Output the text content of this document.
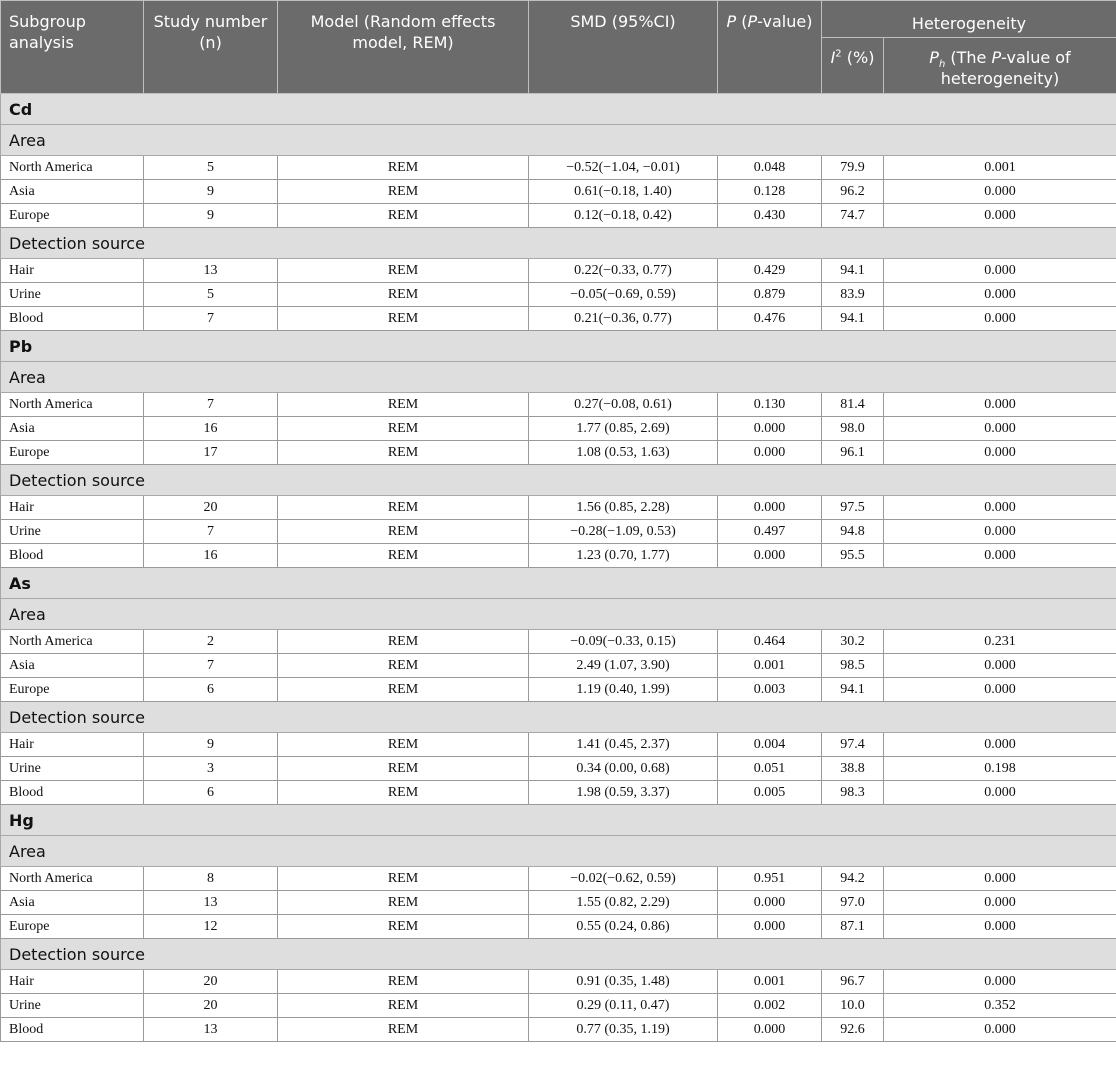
Subgroup analysis	Study number (n)	Model (Random effects model, REM)	SMD (95%CI)	P (P-value)	Heterogeneity	
					$I^2$ (%)	$P_h$ (The P-value of heterogeneity)
Cd						
Area						
North America	5	REM	−0.52(−1.04, −0.01)	0.048	79.9	0.001
Asia	9	REM	0.61(−0.18, 1.40)	0.128	96.2	0.000
Europe	9	REM	0.12(−0.18, 0.42)	0.430	74.7	0.000
Detection source						
Hair	13	REM	0.22(−0.33, 0.77)	0.429	94.1	0.000
Urine	5	REM	−0.05(−0.69, 0.59)	0.879	83.9	0.000
Blood	7	REM	0.21(−0.36, 0.77)	0.476	94.1	0.000
Pb						
Area						
North America	7	REM	0.27(−0.08, 0.61)	0.130	81.4	0.000
Asia	16	REM	1.77 (0.85, 2.69)	0.000	98.0	0.000
Europe	17	REM	1.08 (0.53, 1.63)	0.000	96.1	0.000
Detection source						
Hair	20	REM	1.56 (0.85, 2.28)	0.000	97.5	0.000
Urine	7	REM	−0.28(−1.09, 0.53)	0.497	94.8	0.000
Blood	16	REM	1.23 (0.70, 1.77)	0.000	95.5	0.000
As						
Area						
North America	2	REM	−0.09(−0.33, 0.15)	0.464	30.2	0.231
Asia	7	REM	2.49 (1.07, 3.90)	0.001	98.5	0.000
Europe	6	REM	1.19 (0.40, 1.99)	0.003	94.1	0.000
Detection source						
Hair	9	REM	1.41 (0.45, 2.37)	0.004	97.4	0.000
Urine	3	REM	0.34 (0.00, 0.68)	0.051	38.8	0.198
Blood	6	REM	1.98 (0.59, 3.37)	0.005	98.3	0.000
Hg						
Area						
North America	8	REM	−0.02(−0.62, 0.59)	0.951	94.2	0.000
Asia	13	REM	1.55 (0.82, 2.29)	0.000	97.0	0.000
Europe	12	REM	0.55 (0.24, 0.86)	0.000	87.1	0.000
Detection source						
Hair	20	REM	0.91 (0.35, 1.48)	0.001	96.7	0.000
Urine	20	REM	0.29 (0.11, 0.47)	0.002	10.0	0.352
Blood	13	REM	0.77 (0.35, 1.19)	0.000	92.6	0.000
